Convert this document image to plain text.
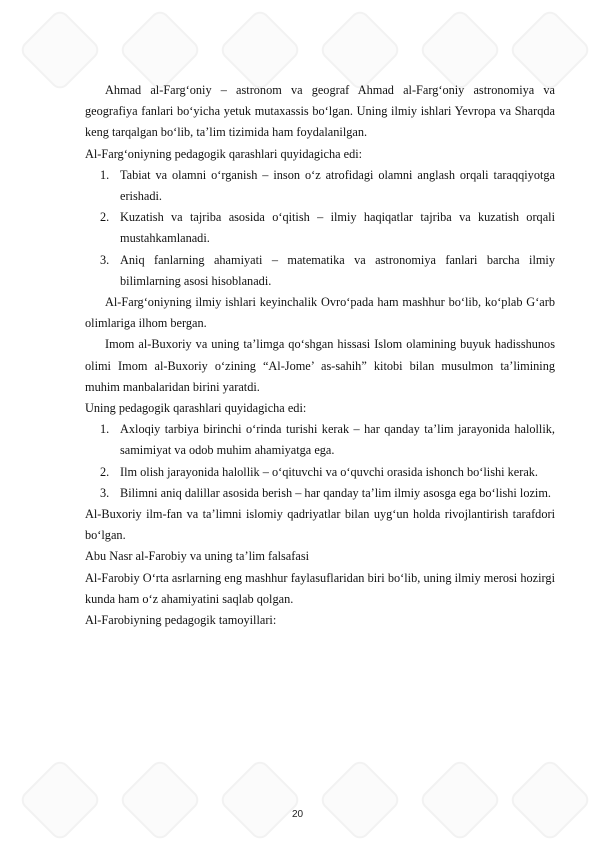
Ahmad al-Farg‘oniy – astronom va geograf Ahmad al-Farg‘oniy astronomiya va geografiya fanlari bo‘yicha yetuk mutaxassis bo‘lgan. Uning ilmiy ishlari Yevropa va Sharqda keng tarqalgan bo‘lib, ta’lim tizimida ham foydalanilgan.

Al-Farg‘oniyning pedagogik qarashlari quyidagicha edi:

1. Tabiat va olamni o‘rganish – inson o‘z atrofidagi olamni anglash orqali taraqqiyotga erishadi.
2. Kuzatish va tajriba asosida o‘qitish – ilmiy haqiqatlar tajriba va kuzatish orqali mustahkamlanadi.
3. Aniq fanlarning ahamiyati – matematika va astronomiya fanlari barcha ilmiy bilimlarning asosi hisoblanadi.

Al-Farg‘oniyning ilmiy ishlari keyinchalik Ovro‘pada ham mashhur bo‘lib, ko‘plab G‘arb olimlariga ilhom bergan.

Imom al-Buxoriy va uning ta’limga qo‘shgan hissasi Islom olamining buyuk hadisshunos olimi Imom al-Buxoriy o‘zining “Al-Jome’ as-sahih” kitobi bilan musulmon ta’limining muhim manbalaridan birini yaratdi.

Uning pedagogik qarashlari quyidagicha edi:

1. Axloqiy tarbiya birinchi o‘rinda turishi kerak – har qanday ta’lim jarayonida halollik, samimiyat va odob muhim ahamiyatga ega.
2. Ilm olish jarayonida halollik – o‘qituvchi va o‘quvchi orasida ishonch bo‘lishi kerak.
3. Bilimni aniq dalillar asosida berish – har qanday ta’lim ilmiy asosga ega bo‘lishi lozim.

Al-Buxoriy ilm-fan va ta’limni islomiy qadriyatlar bilan uyg‘un holda rivojlantirish tarafdori bo‘lgan.

Abu Nasr al-Farobiy va uning ta’lim falsafasi

Al-Farobiy O‘rta asrlarning eng mashhur faylasuflaridan biri bo‘lib, uning ilmiy merosi hozirgi kunda ham o‘z ahamiyatini saqlab qolgan.

Al-Farobiyning pedagogik tamoyillari:

20
